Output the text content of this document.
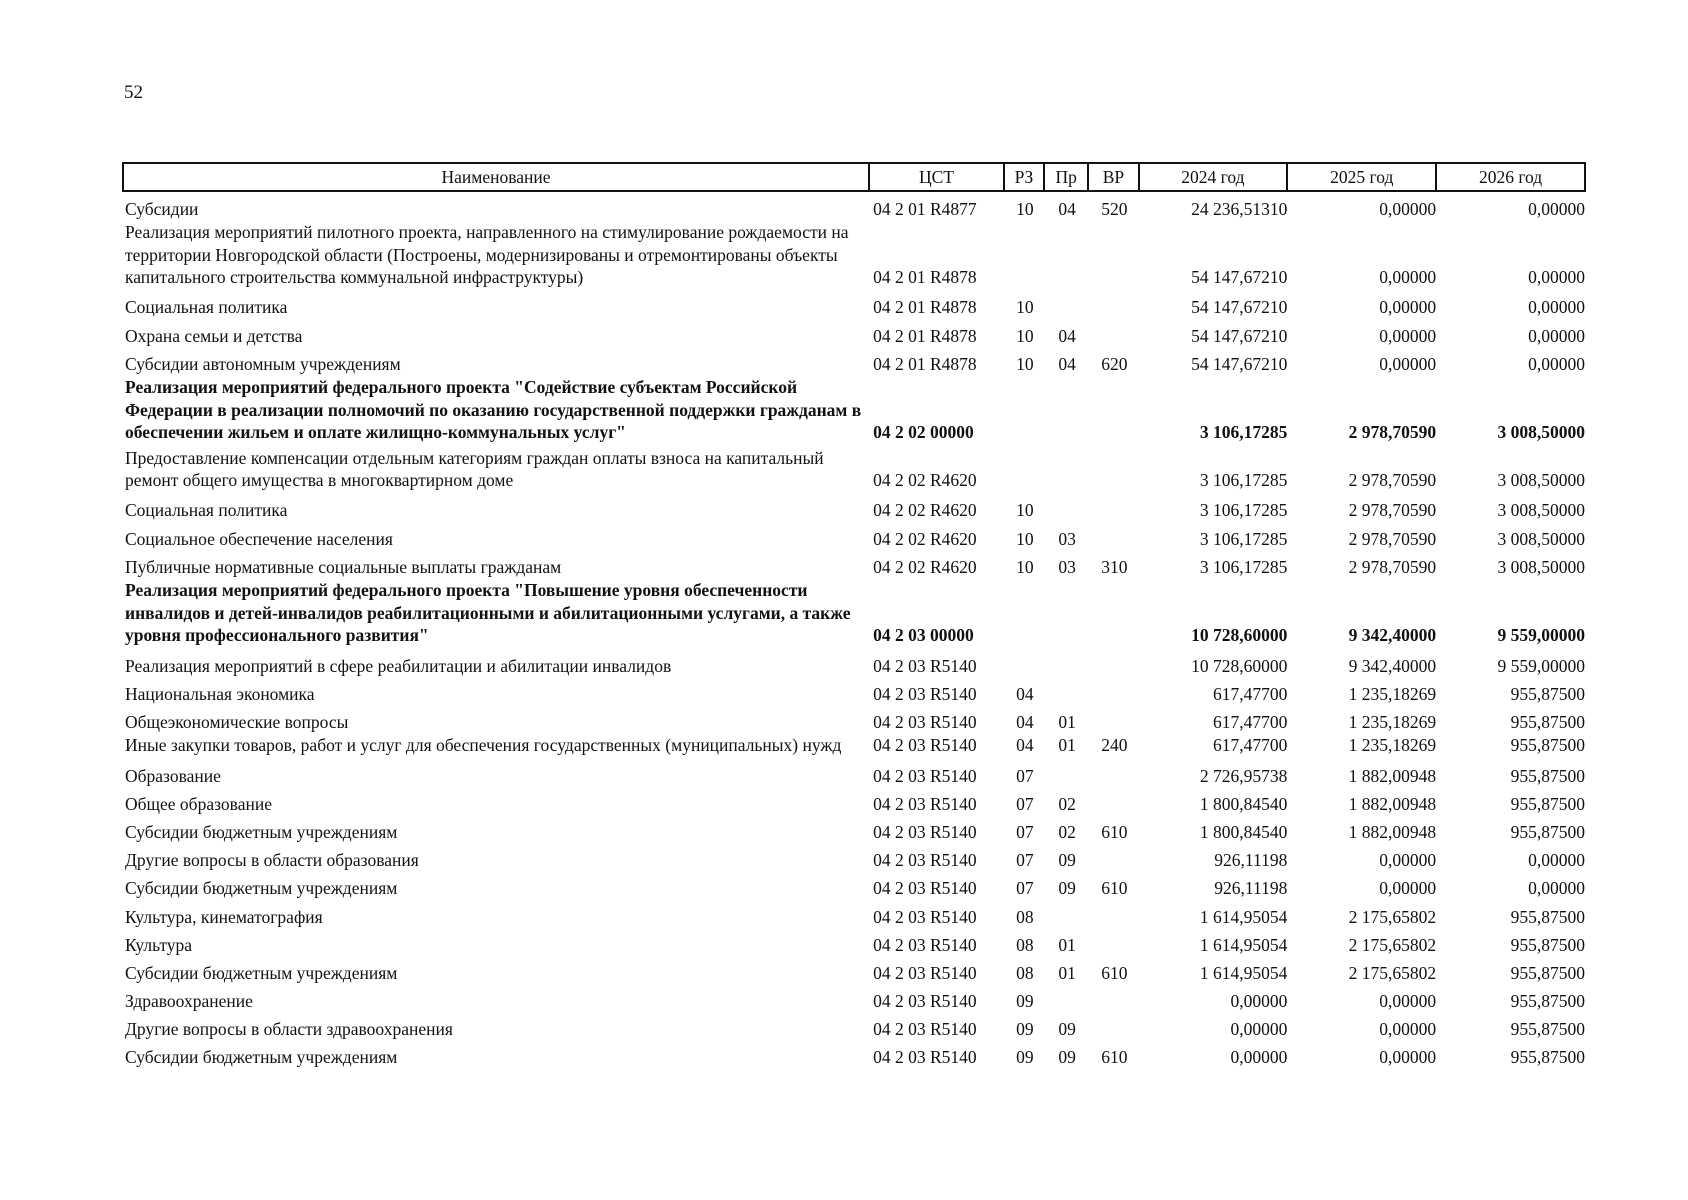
52
Наименование	ЦСТ	РЗ	Пр	ВР	2024 год	2025 год	2026 год
Субсидии	04 2 01 R4877	10	04	520	24 236,51310	0,00000	0,00000
Реализация мероприятий пилотного проекта, направленного на стимулирование рождаемости на территории Новгородской области (Построены, модернизированы и отремонтированы объекты капитального строительства коммунальной инфраструктуры)	04 2 01 R4878				54 147,67210	0,00000	0,00000
Социальная политика	04 2 01 R4878	10			54 147,67210	0,00000	0,00000
Охрана семьи и детства	04 2 01 R4878	10	04		54 147,67210	0,00000	0,00000
Субсидии автономным учреждениям	04 2 01 R4878	10	04	620	54 147,67210	0,00000	0,00000
Реализация мероприятий федерального проекта "Содействие субъектам Российской Федерации в реализации полномочий по оказанию государственной поддержки гражданам в обеспечении жильем и оплате жилищно-коммунальных услуг"	04 2 02 00000				3 106,17285	2 978,70590	3 008,50000
Предоставление компенсации отдельным категориям граждан оплаты взноса на капитальный ремонт общего имущества в многоквартирном доме	04 2 02 R4620				3 106,17285	2 978,70590	3 008,50000
Социальная политика	04 2 02 R4620	10			3 106,17285	2 978,70590	3 008,50000
Социальное обеспечение населения	04 2 02 R4620	10	03		3 106,17285	2 978,70590	3 008,50000
Публичные нормативные социальные выплаты гражданам	04 2 02 R4620	10	03	310	3 106,17285	2 978,70590	3 008,50000
Реализация мероприятий федерального проекта "Повышение уровня обеспеченности инвалидов и детей-инвалидов реабилитационными и абилитационными услугами, а также уровня профессионального развития"	04 2 03 00000				10 728,60000	9 342,40000	9 559,00000
Реализация мероприятий в сфере реабилитации и абилитации инвалидов	04 2 03 R5140				10 728,60000	9 342,40000	9 559,00000
Национальная экономика	04 2 03 R5140	04			617,47700	1 235,18269	955,87500
Общеэкономические вопросы	04 2 03 R5140	04	01		617,47700	1 235,18269	955,87500
Иные закупки товаров, работ и услуг для обеспечения государственных (муниципальных) нужд	04 2 03 R5140	04	01	240	617,47700	1 235,18269	955,87500
Образование	04 2 03 R5140	07			2 726,95738	1 882,00948	955,87500
Общее образование	04 2 03 R5140	07	02		1 800,84540	1 882,00948	955,87500
Субсидии бюджетным учреждениям	04 2 03 R5140	07	02	610	1 800,84540	1 882,00948	955,87500
Другие вопросы в области образования	04 2 03 R5140	07	09		926,11198	0,00000	0,00000
Субсидии бюджетным учреждениям	04 2 03 R5140	07	09	610	926,11198	0,00000	0,00000
Культура, кинематография	04 2 03 R5140	08			1 614,95054	2 175,65802	955,87500
Культура	04 2 03 R5140	08	01		1 614,95054	2 175,65802	955,87500
Субсидии бюджетным учреждениям	04 2 03 R5140	08	01	610	1 614,95054	2 175,65802	955,87500
Здравоохранение	04 2 03 R5140	09			0,00000	0,00000	955,87500
Другие вопросы в области здравоохранения	04 2 03 R5140	09	09		0,00000	0,00000	955,87500
Субсидии бюджетным учреждениям	04 2 03 R5140	09	09	610	0,00000	0,00000	955,87500
